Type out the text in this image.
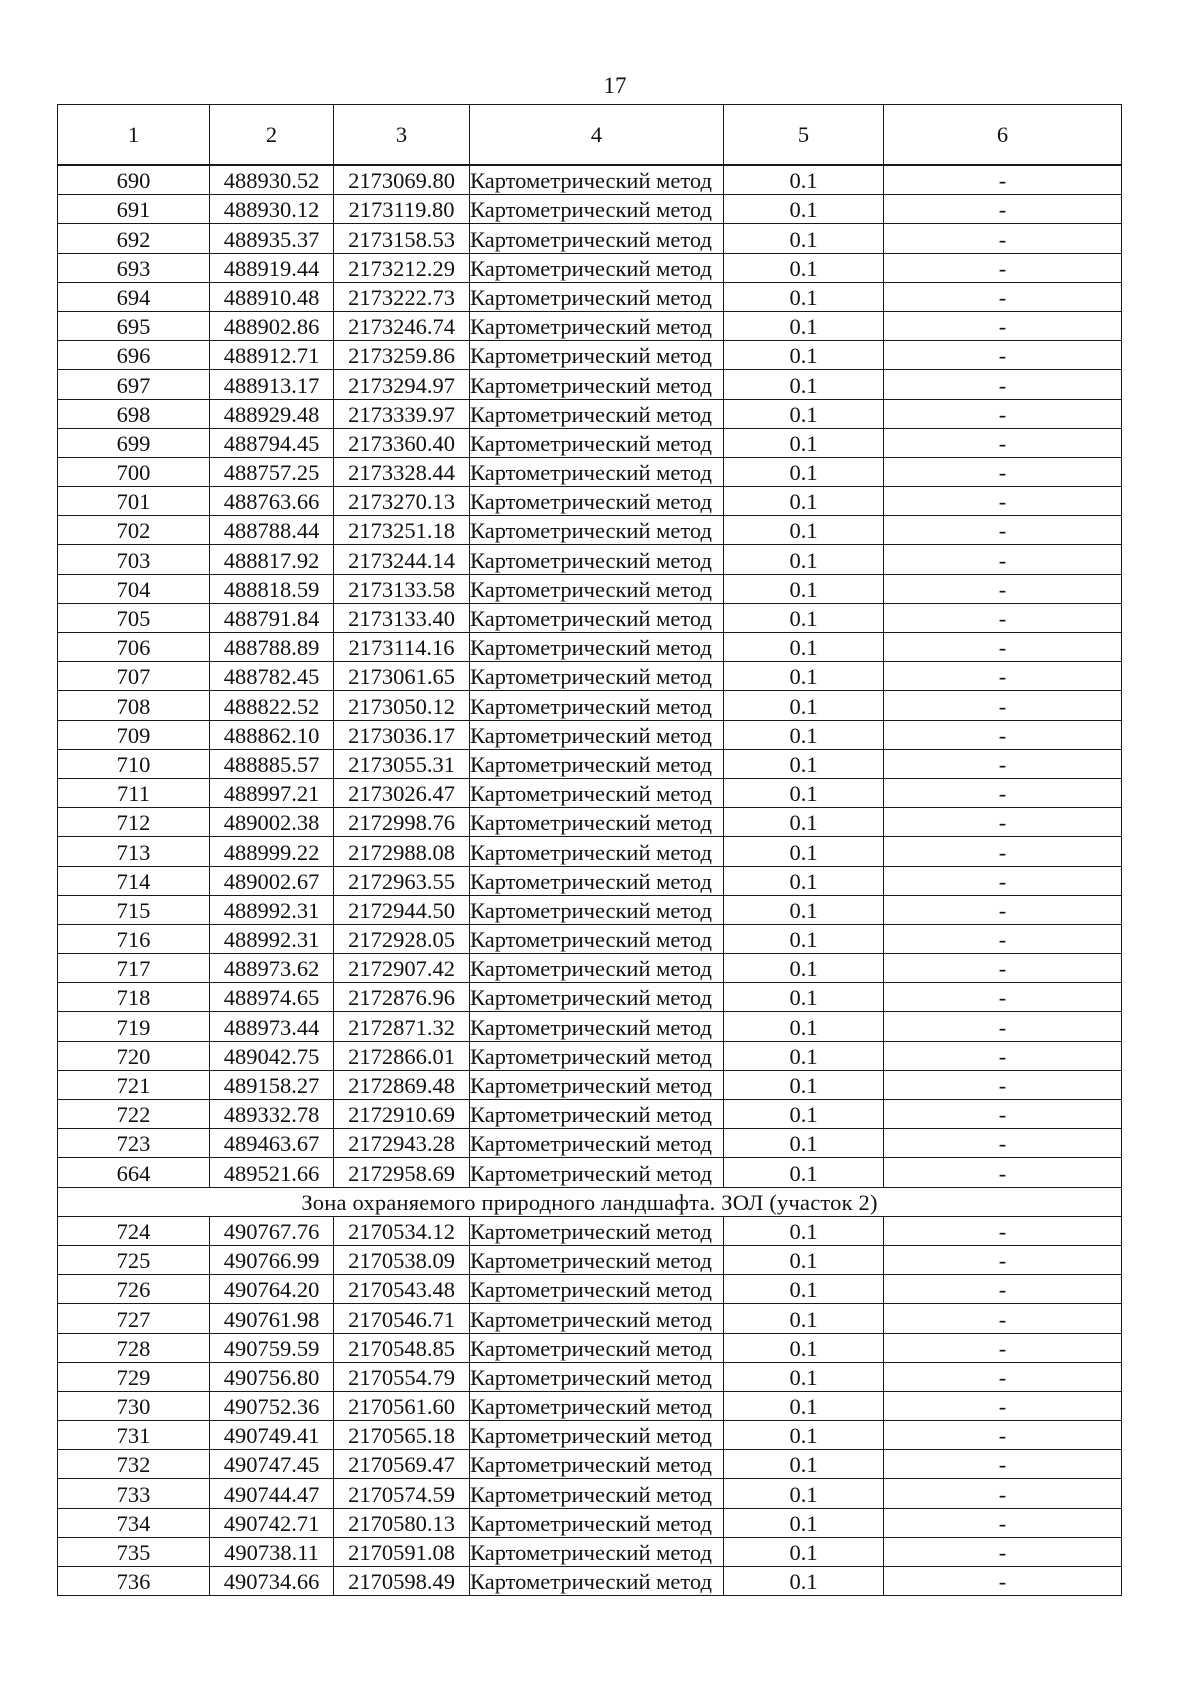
17
1	2	3	4	5	6
690	488930.52	2173069.80	Картометрический метод	0.1	-
691	488930.12	2173119.80	Картометрический метод	0.1	-
692	488935.37	2173158.53	Картометрический метод	0.1	-
693	488919.44	2173212.29	Картометрический метод	0.1	-
694	488910.48	2173222.73	Картометрический метод	0.1	-
695	488902.86	2173246.74	Картометрический метод	0.1	-
696	488912.71	2173259.86	Картометрический метод	0.1	-
697	488913.17	2173294.97	Картометрический метод	0.1	-
698	488929.48	2173339.97	Картометрический метод	0.1	-
699	488794.45	2173360.40	Картометрический метод	0.1	-
700	488757.25	2173328.44	Картометрический метод	0.1	-
701	488763.66	2173270.13	Картометрический метод	0.1	-
702	488788.44	2173251.18	Картометрический метод	0.1	-
703	488817.92	2173244.14	Картометрический метод	0.1	-
704	488818.59	2173133.58	Картометрический метод	0.1	-
705	488791.84	2173133.40	Картометрический метод	0.1	-
706	488788.89	2173114.16	Картометрический метод	0.1	-
707	488782.45	2173061.65	Картометрический метод	0.1	-
708	488822.52	2173050.12	Картометрический метод	0.1	-
709	488862.10	2173036.17	Картометрический метод	0.1	-
710	488885.57	2173055.31	Картометрический метод	0.1	-
711	488997.21	2173026.47	Картометрический метод	0.1	-
712	489002.38	2172998.76	Картометрический метод	0.1	-
713	488999.22	2172988.08	Картометрический метод	0.1	-
714	489002.67	2172963.55	Картометрический метод	0.1	-
715	488992.31	2172944.50	Картометрический метод	0.1	-
716	488992.31	2172928.05	Картометрический метод	0.1	-
717	488973.62	2172907.42	Картометрический метод	0.1	-
718	488974.65	2172876.96	Картометрический метод	0.1	-
719	488973.44	2172871.32	Картометрический метод	0.1	-
720	489042.75	2172866.01	Картометрический метод	0.1	-
721	489158.27	2172869.48	Картометрический метод	0.1	-
722	489332.78	2172910.69	Картометрический метод	0.1	-
723	489463.67	2172943.28	Картометрический метод	0.1	-
664	489521.66	2172958.69	Картометрический метод	0.1	-
Зона охраняемого природного ландшафта. ЗОЛ (участок 2)					
724	490767.76	2170534.12	Картометрический метод	0.1	-
725	490766.99	2170538.09	Картометрический метод	0.1	-
726	490764.20	2170543.48	Картометрический метод	0.1	-
727	490761.98	2170546.71	Картометрический метод	0.1	-
728	490759.59	2170548.85	Картометрический метод	0.1	-
729	490756.80	2170554.79	Картометрический метод	0.1	-
730	490752.36	2170561.60	Картометрический метод	0.1	-
731	490749.41	2170565.18	Картометрический метод	0.1	-
732	490747.45	2170569.47	Картометрический метод	0.1	-
733	490744.47	2170574.59	Картометрический метод	0.1	-
734	490742.71	2170580.13	Картометрический метод	0.1	-
735	490738.11	2170591.08	Картометрический метод	0.1	-
736	490734.66	2170598.49	Картометрический метод	0.1	-
